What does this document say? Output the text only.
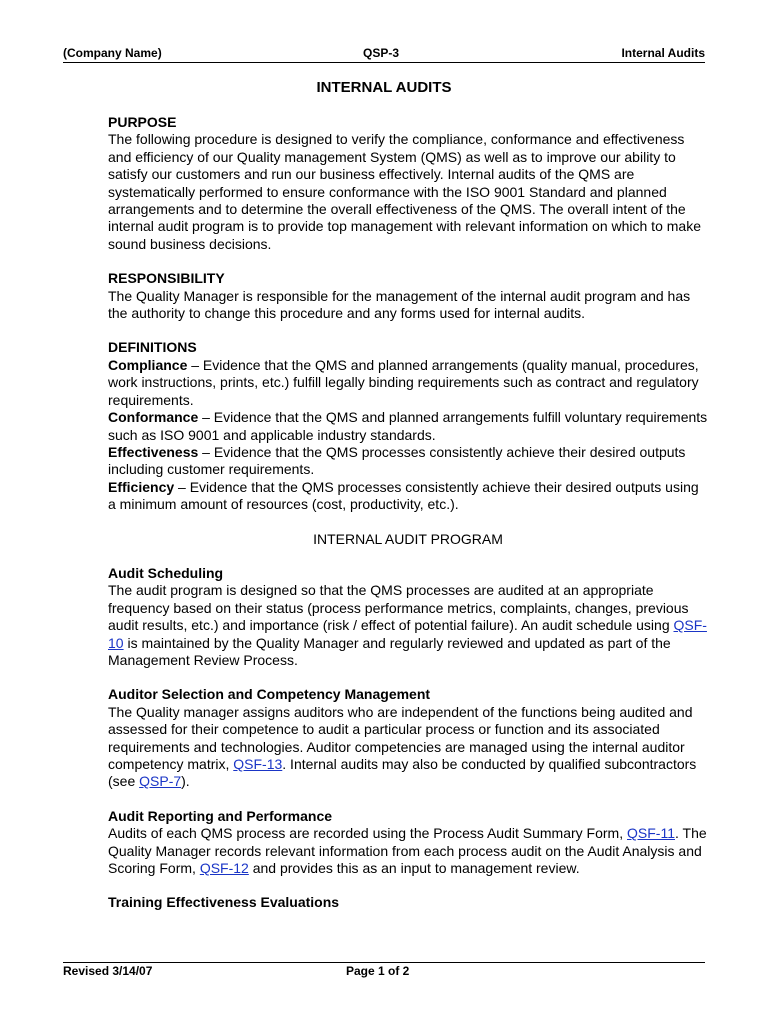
(Company Name)	QSP-3	Internal Audits
INTERNAL AUDITS

PURPOSE

The following procedure is designed to verify the compliance, conformance and effectiveness and efficiency of our Quality management System (QMS) as well as to improve our ability to satisfy our customers and run our business effectively. Internal audits of the QMS are systematically performed to ensure conformance with the ISO 9001 Standard and planned arrangements and to determine the overall effectiveness of the QMS. The overall intent of the internal audit program is to provide top management with relevant information on which to make sound business decisions.

RESPONSIBILITY

The Quality Manager is responsible for the management of the internal audit program and has the authority to change this procedure and any forms used for internal audits.

DEFINITIONS

Compliance – Evidence that the QMS and planned arrangements (quality manual, procedures, work instructions, prints, etc.) fulfill legally binding requirements such as contract and regulatory requirements.

Conformance – Evidence that the QMS and planned arrangements fulfill voluntary requirements such as ISO 9001 and applicable industry standards.

Effectiveness – Evidence that the QMS processes consistently achieve their desired outputs including customer requirements.

Efficiency – Evidence that the QMS processes consistently achieve their desired outputs using a minimum amount of resources (cost, productivity, etc.).

INTERNAL AUDIT PROGRAM

Audit Scheduling

The audit program is designed so that the QMS processes are audited at an appropriate frequency based on their status (process performance metrics, complaints, changes, previous audit results, etc.) and importance (risk / effect of potential failure). An audit schedule using QSF-10 is maintained by the Quality Manager and regularly reviewed and updated as part of the Management Review Process.

Auditor Selection and Competency Management

The Quality manager assigns auditors who are independent of the functions being audited and assessed for their competence to audit a particular process or function and its associated requirements and technologies. Auditor competencies are managed using the internal auditor competency matrix, QSF-13. Internal audits may also be conducted by qualified subcontractors (see QSP-7).

Audit Reporting and Performance

Audits of each QMS process are recorded using the Process Audit Summary Form, QSF-11. The Quality Manager records relevant information from each process audit on the Audit Analysis and Scoring Form, QSF-12 and provides this as an input to management review.

Training Effectiveness Evaluations

Revised 3/14/07	Page 1 of 2
